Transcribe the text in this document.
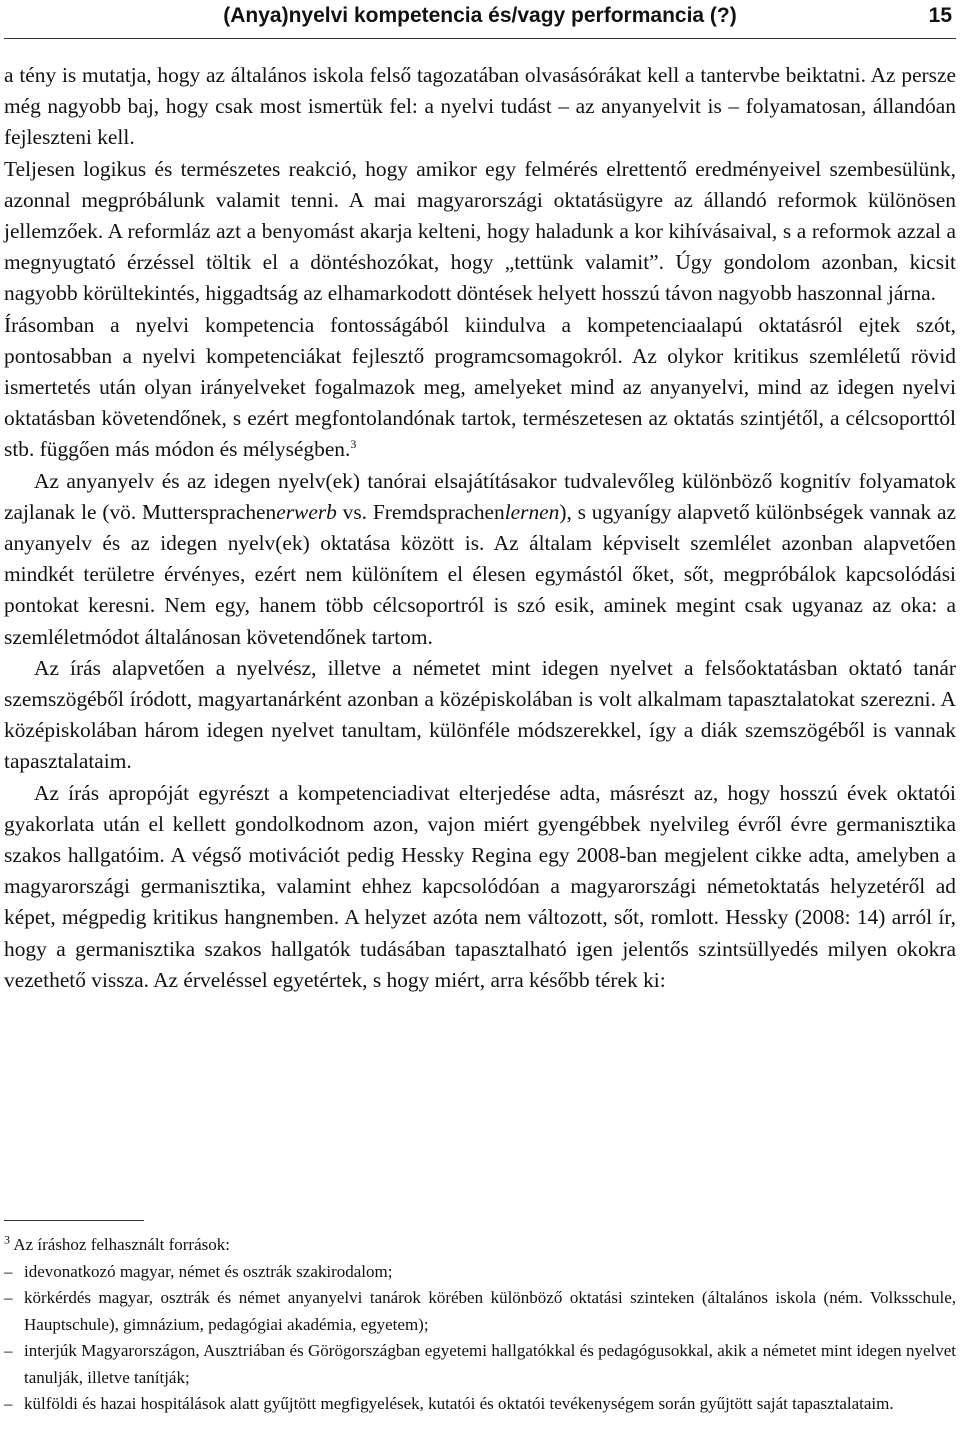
(Anya)nyelvi kompetencia és/vagy performancia (?)	15

a tény is mutatja, hogy az általános iskola felső tagozatában olvasásórákat kell a tantervbe beiktatni. Az persze még nagyobb baj, hogy csak most ismertük fel: a nyelvi tudást – az anyanyelvit is – folyamatosan, állandóan fejleszteni kell.

Teljesen logikus és természetes reakció, hogy amikor egy felmérés elrettentő eredményeivel szembesülünk, azonnal megpróbálunk valamit tenni. A mai magyarországi oktatásügyre az állandó reformok különösen jellemzőek. A reformláz azt a benyomást akarja kelteni, hogy haladunk a kor kihívásaival, s a reformok azzal a megnyugtató érzéssel töltik el a döntéshozókat, hogy „tettünk valamit”. Úgy gondolom azonban, kicsit nagyobb körültekintés, higgadtság az elhamarkodott döntések helyett hosszú távon nagyobb haszonnal járna.

Írásomban a nyelvi kompetencia fontosságából kiindulva a kompetenciaalapú oktatásról ejtek szót, pontosabban a nyelvi kompetenciákat fejlesztő programcsomagokról. Az olykor kritikus szemléletű rövid ismertetés után olyan irányelveket fogalmazok meg, amelyeket mind az anyanyelvi, mind az idegen nyelvi oktatásban követendőnek, s ezért megfontolandónak tartok, természetesen az oktatás szintjétől, a célcsoporttól stb. függően más módon és mélységben.$^3$

Az anyanyelv és az idegen nyelv(ek) tanórai elsajátításakor tudvalevőleg különböző kognitív folyamatok zajlanak le (vö. Muttersprachenerwerb vs. Fremdsprachenlernen), s ugyanígy alapvető különbségek vannak az anyanyelv és az idegen nyelv(ek) oktatása között is. Az általam képviselt szemlélet azonban alapvetően mindkét területre érvényes, ezért nem különítem el élesen egymástól őket, sőt, megpróbálok kapcsolódási pontokat keresni. Nem egy, hanem több célcsoportról is szó esik, aminek megint csak ugyanaz az oka: a szemléletmódot általánosan követendőnek tartom.

Az írás alapvetően a nyelvész, illetve a németet mint idegen nyelvet a felsőoktatásban oktató tanár szemszögéből íródott, magyartanárként azonban a középiskolában is volt alkalmam tapasztalatokat szerezni. A középiskolában három idegen nyelvet tanultam, különféle módszerekkel, így a diák szemszögéből is vannak tapasztalataim.

Az írás apropóját egyrészt a kompetenciadivat elterjedése adta, másrészt az, hogy hosszú évek oktatói gyakorlata után el kellett gondolkodnom azon, vajon miért gyengébbek nyelvileg évről évre germanisztika szakos hallgatóim. A végső motivációt pedig Hessky Regina egy 2008-ban megjelent cikke adta, amelyben a magyarországi germanisztika, valamint ehhez kapcsolódóan a magyarországi németoktatás helyzetéről ad képet, mégpedig kritikus hangnemben. A helyzet azóta nem változott, sőt, romlott. Hessky (2008: 14) arról ír, hogy a germanisztika szakos hallgatók tudásában tapasztalható igen jelentős szintsüllyedés milyen okokra vezethető vissza. Az érveléssel egyetértek, s hogy miért, arra később térek ki:

$^3$ Az íráshoz felhasznált források:

– idevonatkozó magyar, német és osztrák szakirodalom;

– körkérdés magyar, osztrák és német anyanyelvi tanárok körében különböző oktatási szinteken (általános iskola (ném. Volksschule, Hauptschule), gimnázium, pedagógiai akadémia, egyetem);

– interjúk Magyarországon, Ausztriában és Görögországban egyetemi hallgatókkal és pedagógusokkal, akik a németet mint idegen nyelvet tanulják, illetve tanítják;

– külföldi és hazai hospitálások alatt gyűjtött megfigyelések, kutatói és oktatói tevékenységem során gyűjtött saját tapasztalataim.
